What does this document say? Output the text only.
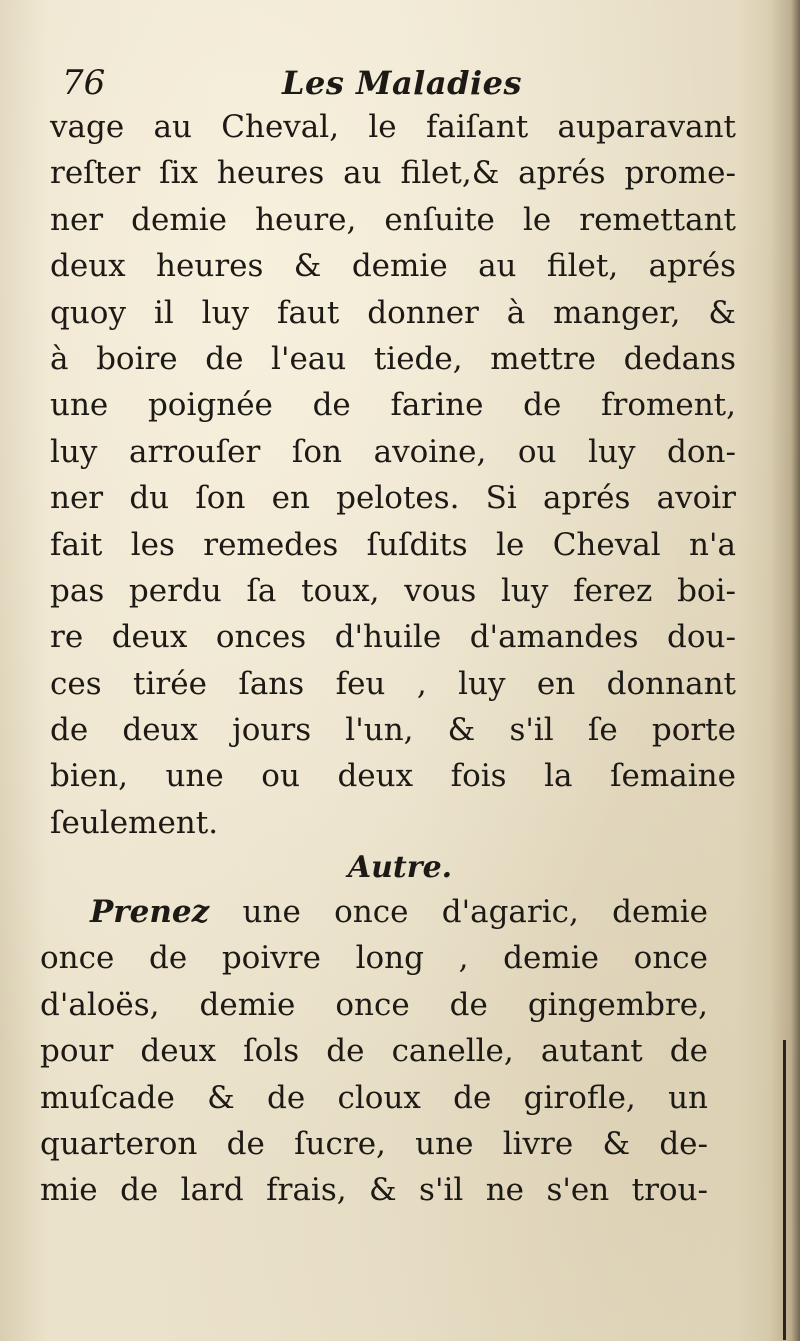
76	Les Maladies
vage au Cheval, le faiſant auparavant
reſter ſix heures au filet,& aprés prome-
ner demie heure, enſuite le remettant
deux heures & demie au filet, aprés
quoy il luy faut donner à manger, &
à boire de l'eau tiede, mettre dedans
une poignée de farine de froment,
luy arrouſer ſon avoine, ou luy don-
ner du ſon en pelotes. Si aprés avoir
fait les remedes ſuſdits le Cheval n'a
pas perdu ſa toux, vous luy ferez boi-
re deux onces d'huile d'amandes dou-
ces tirée ſans feu , luy en donnant
de deux jours l'un, & s'il ſe porte
bien, une ou deux fois la ſemaine
ſeulement.
Autre.
Prenez une once d'agaric, demie
once de poivre long , demie once
d'aloës, demie once de gingembre,
pour deux ſols de canelle, autant de
muſcade & de cloux de girofle, un
quarteron de ſucre, une livre & de-
mie de lard frais, & s'il ne s'en trou-
